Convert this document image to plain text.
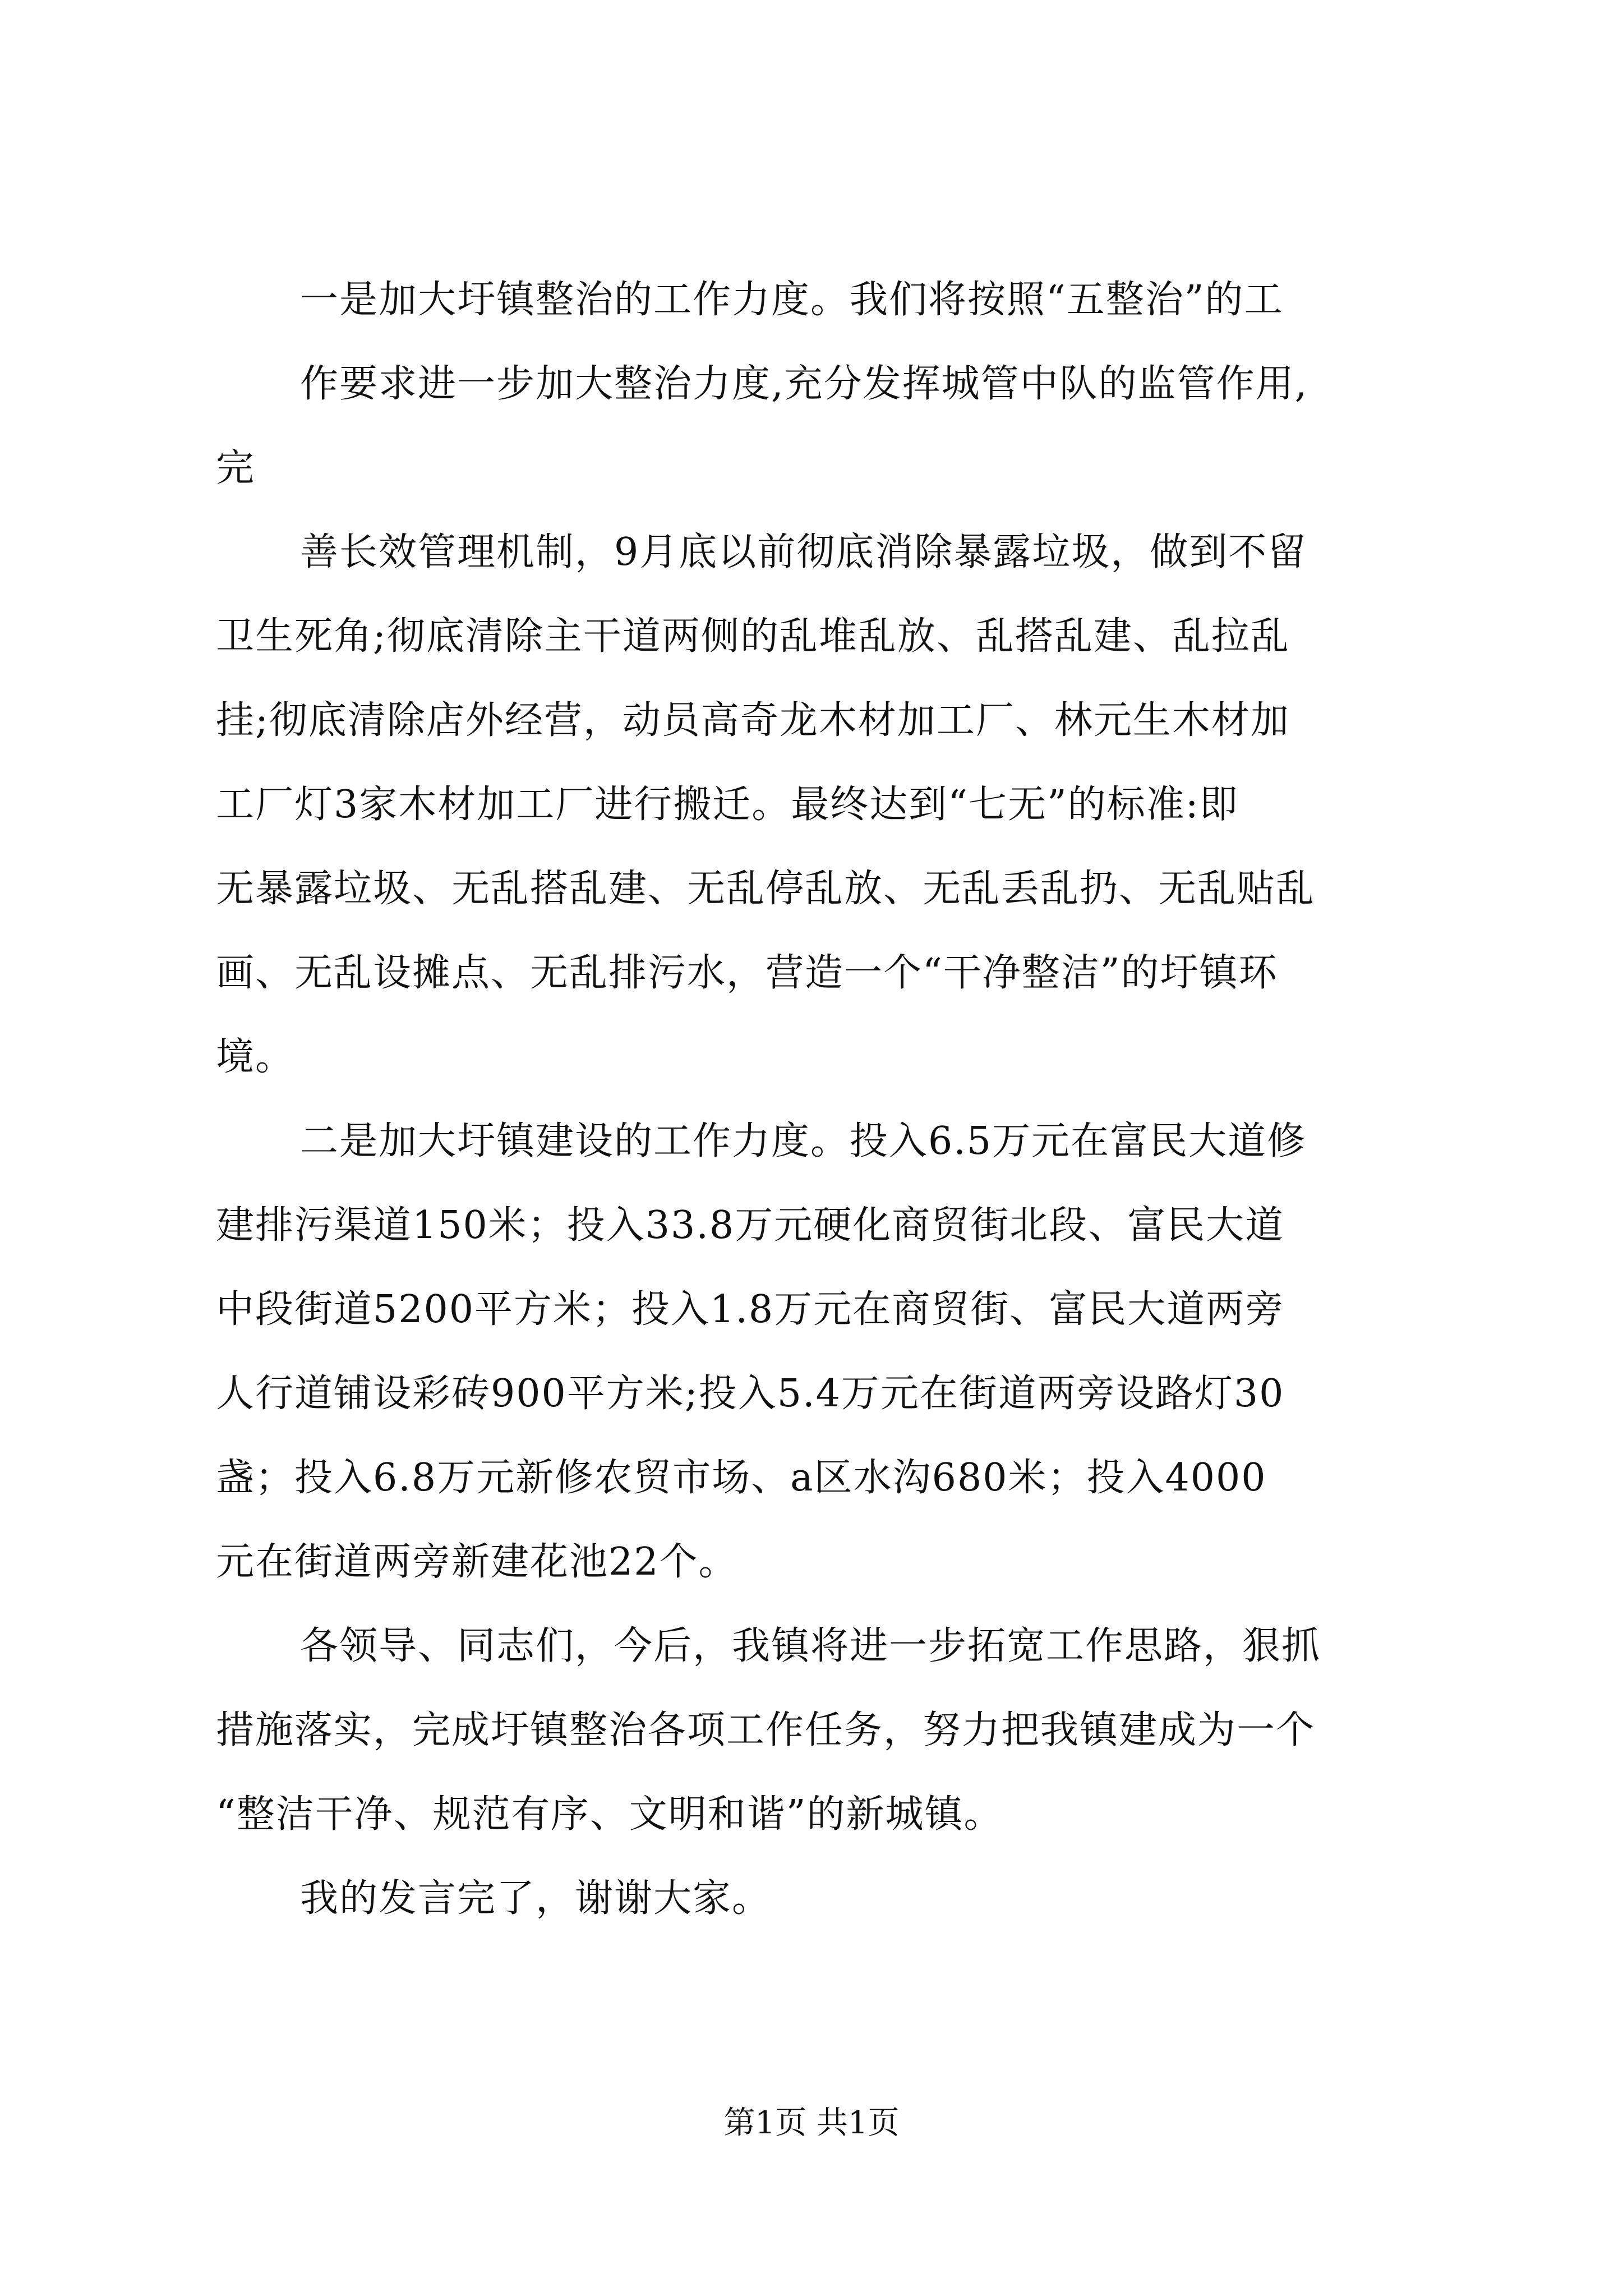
一是加大圩镇整治的工作力度。我们将按照“五整治”的工
作要求进一步加大整治力度,充分发挥城管中队的监管作用,
完
善长效管理机制，9月底以前彻底消除暴露垃圾，做到不留
卫生死角;彻底清除主干道两侧的乱堆乱放、乱搭乱建、乱拉乱
挂;彻底清除店外经营，动员高奇龙木材加工厂、林元生木材加
工厂灯3家木材加工厂进行搬迁。最终达到“七无”的标准:即
无暴露垃圾、无乱搭乱建、无乱停乱放、无乱丢乱扔、无乱贴乱
画、无乱设摊点、无乱排污水，营造一个“干净整洁”的圩镇环
境。
二是加大圩镇建设的工作力度。投入6.5万元在富民大道修
建排污渠道150米；投入33.8万元硬化商贸街北段、富民大道
中段街道5200平方米；投入1.8万元在商贸街、富民大道两旁
人行道铺设彩砖900平方米;投入5.4万元在街道两旁设路灯30
盏；投入6.8万元新修农贸市场、a区水沟680米；投入4000
元在街道两旁新建花池22个。
各领导、同志们，今后，我镇将进一步拓宽工作思路，狠抓
措施落实，完成圩镇整治各项工作任务，努力把我镇建成为一个
“整洁干净、规范有序、文明和谐”的新城镇。
我的发言完了，谢谢大家。
第1页 共1页
